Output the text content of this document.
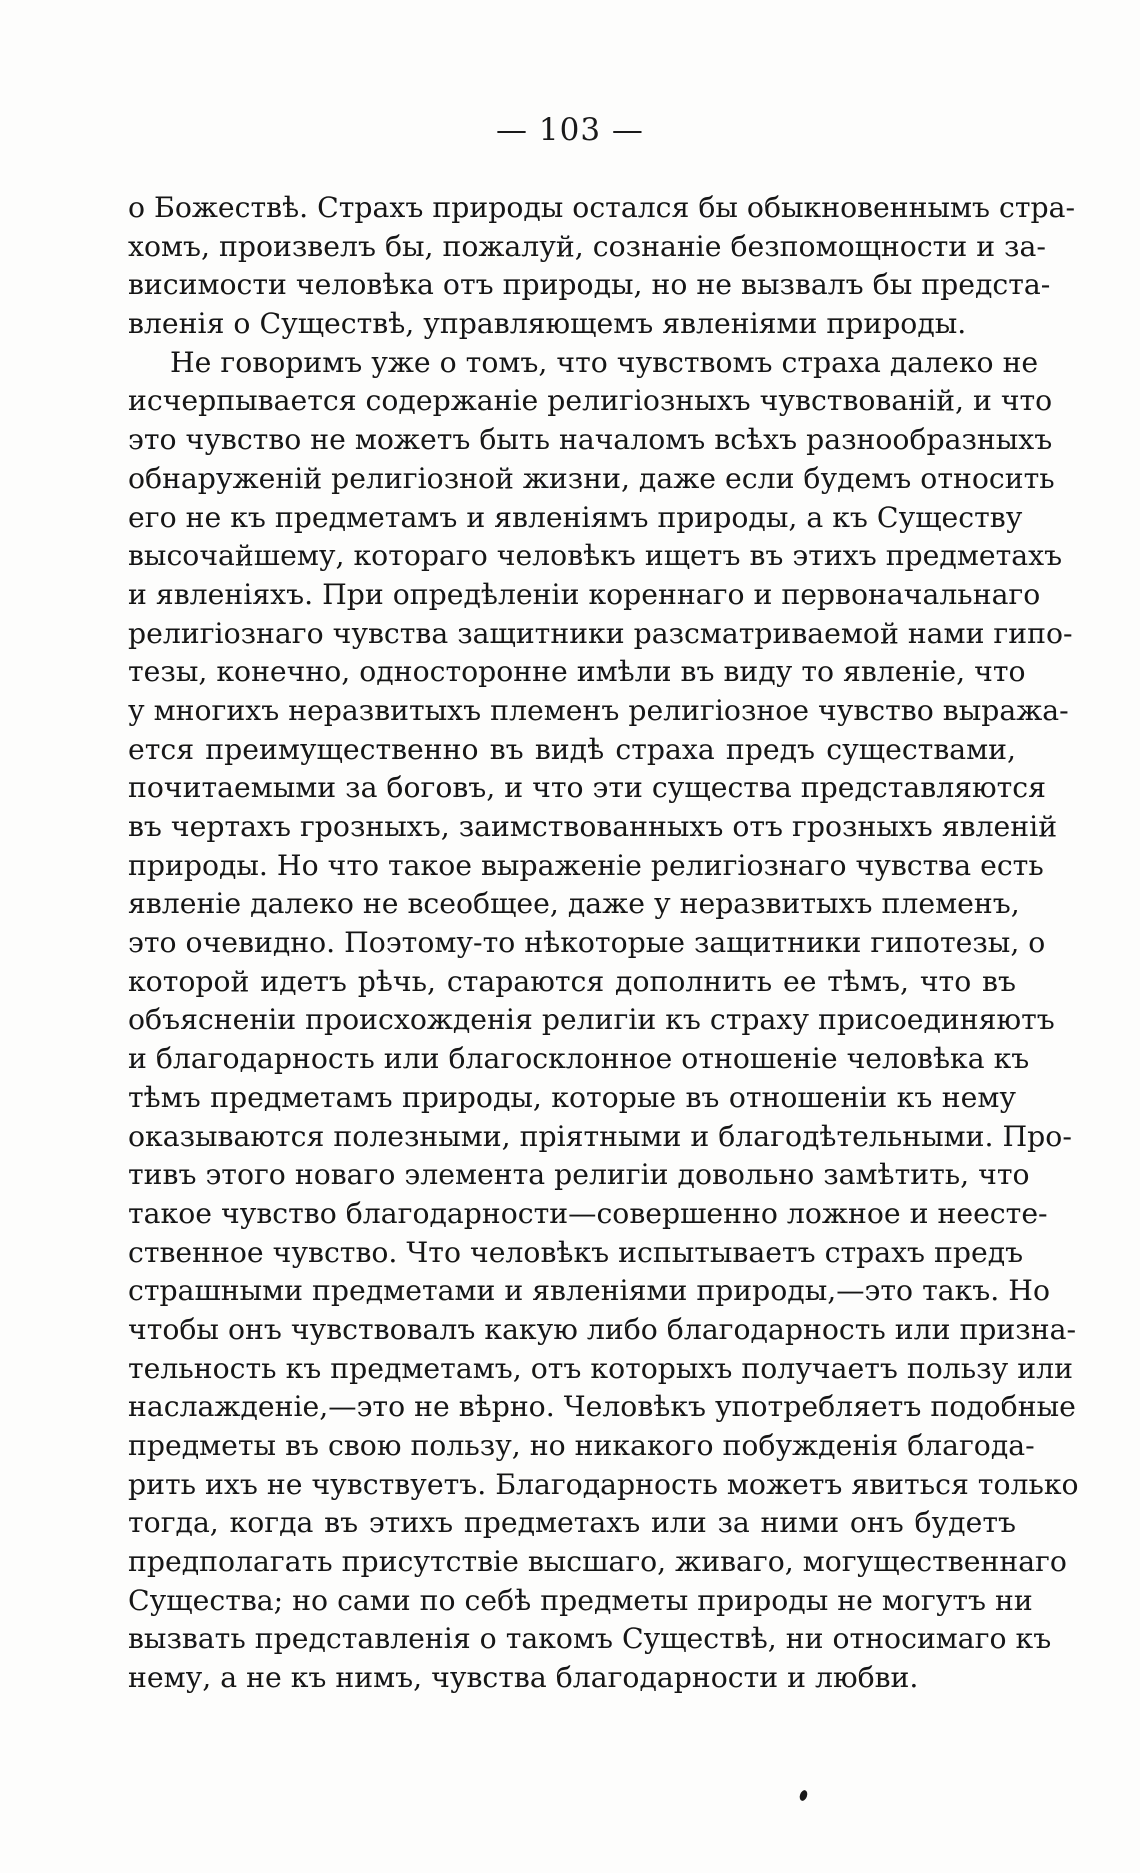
— 103 —
о Божествѣ. Страхъ природы остался бы обыкновеннымъ стра-
хомъ, произвелъ бы, пожалуй, сознаніе безпомощности и за-
висимости человѣка отъ природы, но не вызвалъ бы предста-
вленія о Существѣ, управляющемъ явленіями природы.
Не говоримъ уже о томъ, что чувствомъ страха далеко не
исчерпывается содержаніе религіозныхъ чувствованій, и что
это чувство не можетъ быть началомъ всѣхъ разнообразныхъ
обнаруженій религіозной жизни, даже если будемъ относить
его не къ предметамъ и явленіямъ природы, а къ Существу
высочайшему, котораго человѣкъ ищетъ въ этихъ предметахъ
и явленіяхъ. При опредѣленіи кореннаго и первоначальнаго
религіознаго чувства защитники разсматриваемой нами гипо-
тезы, конечно, односторонне имѣли въ виду то явленіе, что
у многихъ неразвитыхъ племенъ религіозное чувство выража-
ется преимущественно въ видѣ страха предъ существами,
почитаемыми за боговъ, и что эти существа представляются
въ чертахъ грозныхъ, заимствованныхъ отъ грозныхъ явленій
природы. Но что такое выраженіе религіознаго чувства есть
явленіе далеко не всеобщее, даже у неразвитыхъ племенъ,
это очевидно. Поэтому-то нѣкоторые защитники гипотезы, о
которой идетъ рѣчь, стараются дополнить ее тѣмъ, что въ
объясненіи происхожденія религіи къ страху присоединяютъ
и благодарность или благосклонное отношеніе человѣка къ
тѣмъ предметамъ природы, которые въ отношеніи къ нему
оказываются полезными, пріятными и благодѣтельными. Про-
тивъ этого новаго элемента религіи довольно замѣтить, что
такое чувство благодарности—совершенно ложное и неесте-
ственное чувство. Что человѣкъ испытываетъ страхъ предъ
страшными предметами и явленіями природы,—это такъ. Но
чтобы онъ чувствовалъ какую либо благодарность или призна-
тельность къ предметамъ, отъ которыхъ получаетъ пользу или
наслажденіе,—это не вѣрно. Человѣкъ употребляетъ подобные
предметы въ свою пользу, но никакого побужденія благода-
рить ихъ не чувствуетъ. Благодарность можетъ явиться только
тогда, когда въ этихъ предметахъ или за ними онъ будетъ
предполагать присутствіе высшаго, живаго, могущественнаго
Существа; но сами по себѣ предметы природы не могутъ ни
вызвать представленія о такомъ Существѣ, ни относимаго къ
нему, а не къ нимъ, чувства благодарности и любви.
